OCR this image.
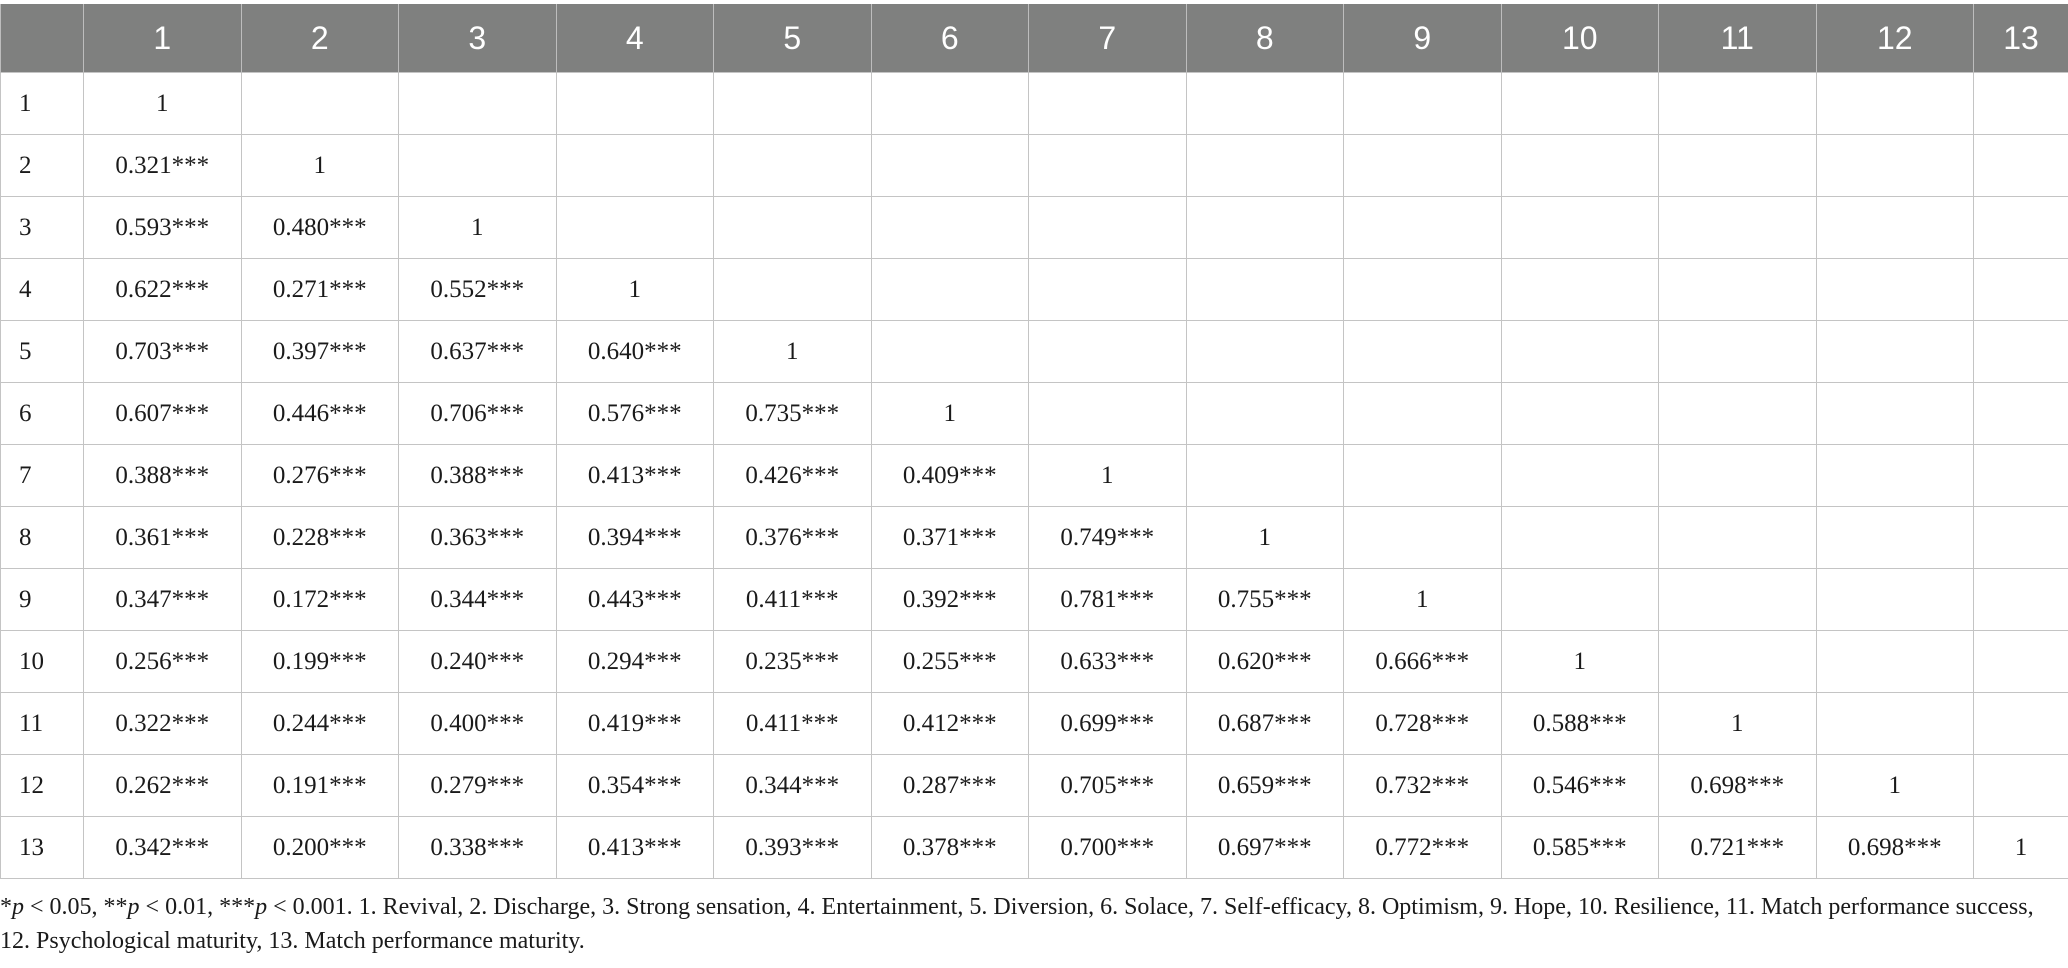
	1	2	3	4	5	6	7	8	9	10	11	12	13
1	1												
2	0.321***	1											
3	0.593***	0.480***	1										
4	0.622***	0.271***	0.552***	1									
5	0.703***	0.397***	0.637***	0.640***	1								
6	0.607***	0.446***	0.706***	0.576***	0.735***	1							
7	0.388***	0.276***	0.388***	0.413***	0.426***	0.409***	1						
8	0.361***	0.228***	0.363***	0.394***	0.376***	0.371***	0.749***	1					
9	0.347***	0.172***	0.344***	0.443***	0.411***	0.392***	0.781***	0.755***	1				
10	0.256***	0.199***	0.240***	0.294***	0.235***	0.255***	0.633***	0.620***	0.666***	1			
11	0.322***	0.244***	0.400***	0.419***	0.411***	0.412***	0.699***	0.687***	0.728***	0.588***	1		
12	0.262***	0.191***	0.279***	0.354***	0.344***	0.287***	0.705***	0.659***	0.732***	0.546***	0.698***	1	
13	0.342***	0.200***	0.338***	0.413***	0.393***	0.378***	0.700***	0.697***	0.772***	0.585***	0.721***	0.698***	1
*p < 0.05, **p < 0.01, ***p < 0.001. 1. Revival, 2. Discharge, 3. Strong sensation, 4. Entertainment, 5. Diversion, 6. Solace, 7. Self-efficacy, 8. Optimism, 9. Hope, 10. Resilience, 11. Match performance success, 12. Psychological maturity, 13. Match performance maturity.
